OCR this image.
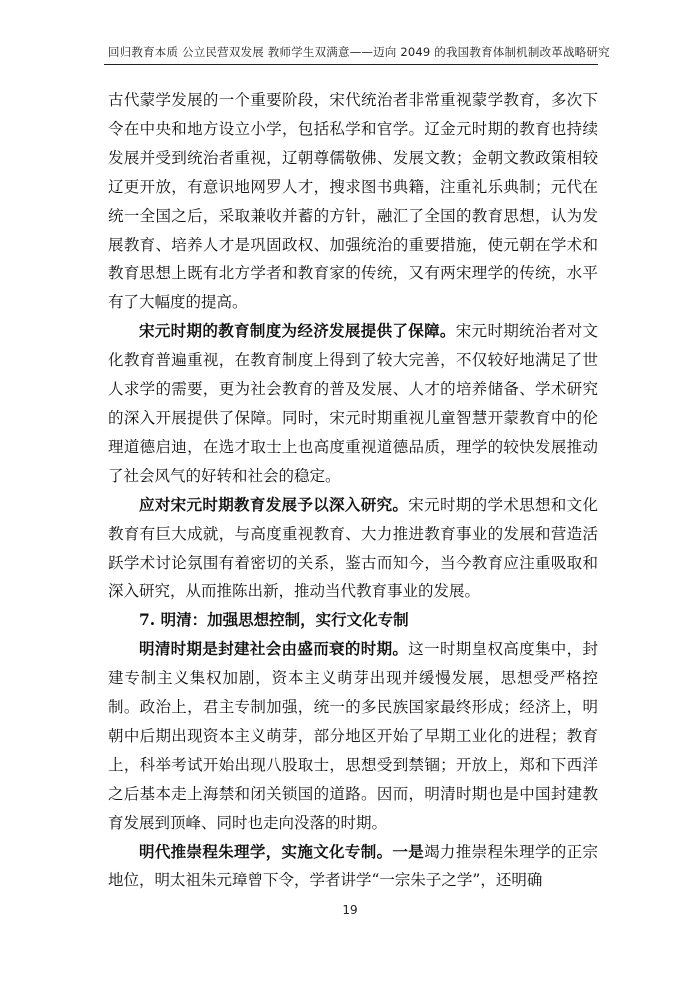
回归教育本质 公立民营双发展 教师学生双满意——迈向 2049 的我国教育体制机制改革战略研究

古代蒙学发展的一个重要阶段，宋代统治者非常重视蒙学教育，多次下令在中央和地方设立小学，包括私学和官学。辽金元时期的教育也持续发展并受到统治者重视，辽朝尊儒敬佛、发展文教；金朝文教政策相较辽更开放，有意识地网罗人才，搜求图书典籍，注重礼乐典制；元代在统一全国之后，采取兼收并蓄的方针，融汇了全国的教育思想，认为发展教育、培养人才是巩固政权、加强统治的重要措施，使元朝在学术和教育思想上既有北方学者和教育家的传统，又有两宋理学的传统，水平有了大幅度的提高。

宋元时期的教育制度为经济发展提供了保障。宋元时期统治者对文化教育普遍重视，在教育制度上得到了较大完善，不仅较好地满足了世人求学的需要，更为社会教育的普及发展、人才的培养储备、学术研究的深入开展提供了保障。同时，宋元时期重视儿童智慧开蒙教育中的伦理道德启迪，在选才取士上也高度重视道德品质，理学的较快发展推动了社会风气的好转和社会的稳定。

应对宋元时期教育发展予以深入研究。宋元时期的学术思想和文化教育有巨大成就，与高度重视教育、大力推进教育事业的发展和营造活跃学术讨论氛围有着密切的关系，鉴古而知今，当今教育应注重吸取和深入研究，从而推陈出新，推动当代教育事业的发展。

7. 明清：加强思想控制，实行文化专制

明清时期是封建社会由盛而衰的时期。这一时期皇权高度集中，封建专制主义集权加剧，资本主义萌芽出现并缓慢发展，思想受严格控制。政治上，君主专制加强，统一的多民族国家最终形成；经济上，明朝中后期出现资本主义萌芽，部分地区开始了早期工业化的进程；教育上，科举考试开始出现八股取士，思想受到禁锢；开放上，郑和下西洋之后基本走上海禁和闭关锁国的道路。因而，明清时期也是中国封建教育发展到顶峰、同时也走向没落的时期。

明代推崇程朱理学，实施文化专制。一是竭力推崇程朱理学的正宗地位，明太祖朱元璋曾下令，学者讲学“一宗朱子之学”，还明确

19
